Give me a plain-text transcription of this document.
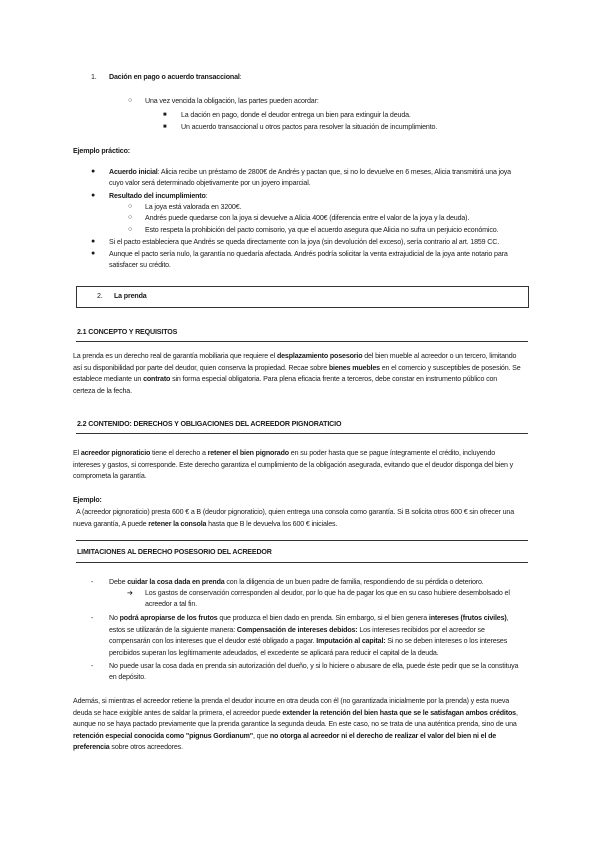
1. Dación en pago o acuerdo transaccional:
○ Una vez vencida la obligación, las partes pueden acordar:
■ La dación en pago, donde el deudor entrega un bien para extinguir la deuda.
■ Un acuerdo transaccional u otros pactos para resolver la situación de incumplimiento.
Ejemplo práctico:
● Acuerdo inicial: Alicia recibe un préstamo de 2800€ de Andrés y pactan que, si no lo devuelve en 6 meses, Alicia transmitirá una joya
cuyo valor será determinado objetivamente por un joyero imparcial.
● Resultado del incumplimiento:
○ La joya está valorada en 3200€.
○ Andrés puede quedarse con la joya si devuelve a Alicia 400€ (diferencia entre el valor de la joya y la deuda).
○ Esto respeta la prohibición del pacto comisorio, ya que el acuerdo asegura que Alicia no sufra un perjuicio económico.
● Si el pacto estableciera que Andrés se queda directamente con la joya (sin devolución del exceso), sería contrario al art. 1859 CC.
● Aunque el pacto sería nulo, la garantía no quedaría afectada. Andrés podría solicitar la venta extrajudicial de la joya ante notario para
satisfacer su crédito.
2. La prenda
2.1 CONCEPTO Y REQUISITOS
La prenda es un derecho real de garantía mobiliaria que requiere el desplazamiento posesorio del bien mueble al acreedor o un tercero, limitando
así su disponibilidad por parte del deudor, quien conserva la propiedad. Recae sobre bienes muebles en el comercio y susceptibles de posesión. Se
establece mediante un contrato sin forma especial obligatoria. Para plena eficacia frente a terceros, debe constar en instrumento público con
certeza de la fecha.
2.2 CONTENIDO: DERECHOS Y OBLIGACIONES DEL ACREEDOR PIGNORATICIO
El acreedor pignoraticio tiene el derecho a retener el bien pignorado en su poder hasta que se pague íntegramente el crédito, incluyendo
intereses y gastos, si corresponde. Este derecho garantiza el cumplimiento de la obligación asegurada, evitando que el deudor disponga del bien y
comprometa la garantía.
Ejemplo:
A (acreedor pignoraticio) presta 600 € a B (deudor pignoraticio), quien entrega una consola como garantía. Si B solicita otros 600 € sin ofrecer una
nueva garantía, A puede retener la consola hasta que B le devuelva los 600 € iniciales.
LIMITACIONES AL DERECHO POSESORIO DEL ACREEDOR
- Debe cuidar la cosa dada en prenda con la diligencia de un buen padre de familia, respondiendo de su pérdida o deterioro.
➔ Los gastos de conservación corresponden al deudor, por lo que ha de pagar los que en su caso hubiere desembolsado el
acreedor a tal fin.
- No podrá apropiarse de los frutos que produzca el bien dado en prenda. Sin embargo, si el bien genera intereses (frutos civiles),
estos se utilizarán de la siguiente manera: Compensación de intereses debidos: Los intereses recibidos por el acreedor se
compensarán con los intereses que el deudor esté obligado a pagar. Imputación al capital: Si no se deben intereses o los intereses
percibidos superan los legítimamente adeudados, el excedente se aplicará para reducir el capital de la deuda.
- No puede usar la cosa dada en prenda sin autorización del dueño, y si lo hiciere o abusare de ella, puede éste pedir que se la constituya
en depósito.
Además, si mientras el acreedor retiene la prenda el deudor incurre en otra deuda con él (no garantizada inicialmente por la prenda) y esta nueva
deuda se hace exigible antes de saldar la primera, el acreedor puede extender la retención del bien hasta que se le satisfagan ambos créditos,
aunque no se haya pactado previamente que la prenda garantice la segunda deuda. En este caso, no se trata de una auténtica prenda, sino de una
retención especial conocida como "pignus Gordianum", que no otorga al acreedor ni el derecho de realizar el valor del bien ni el de
preferencia sobre otros acreedores.
